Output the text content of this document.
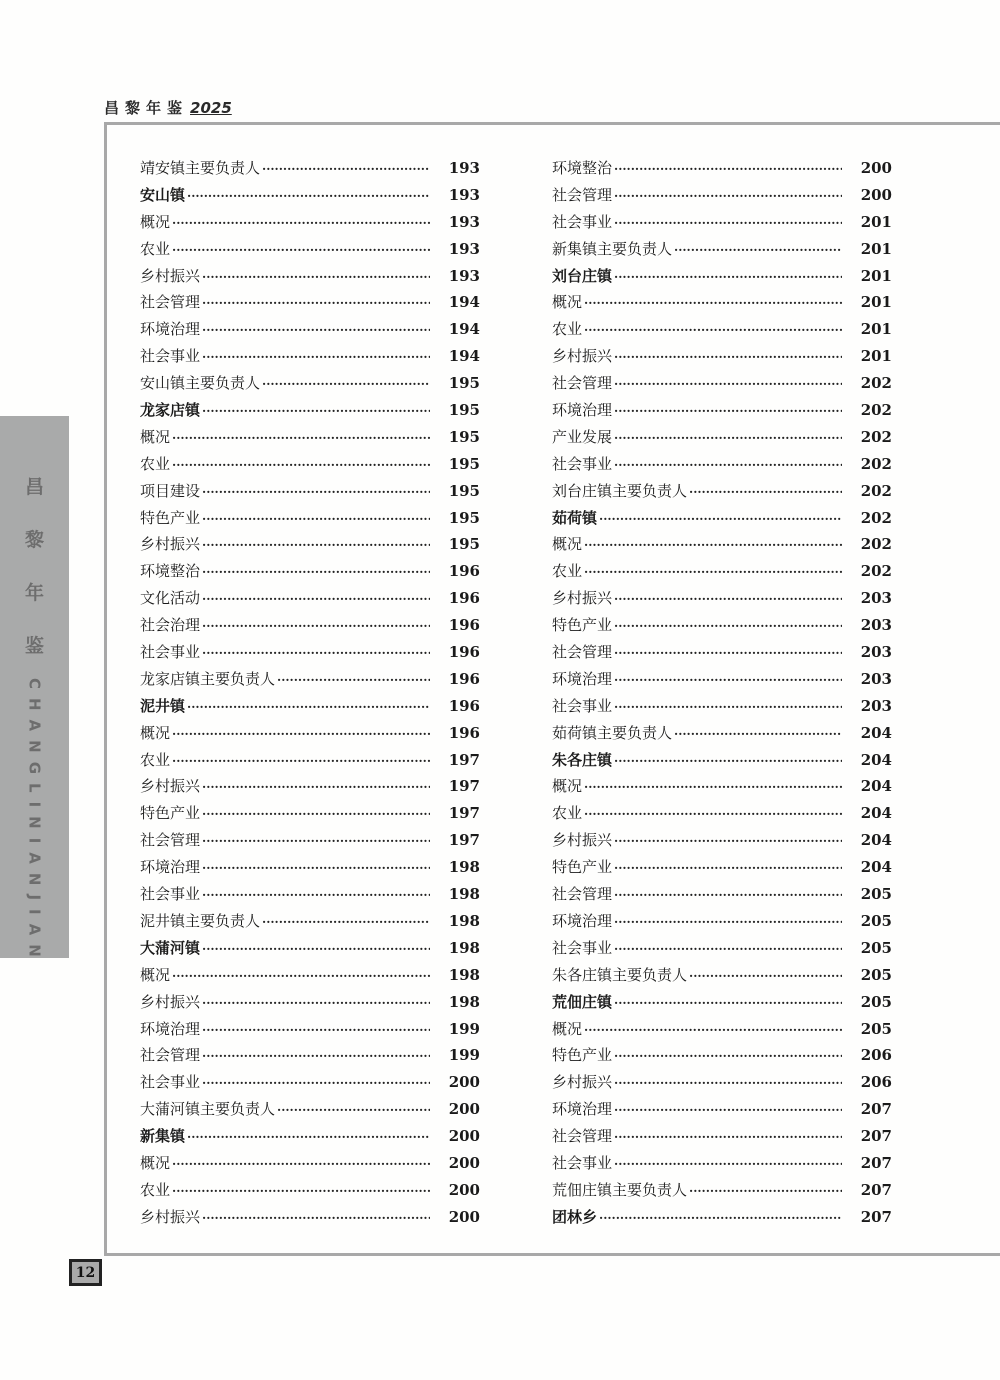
昌黎年鉴 2025
昌
黎
年
鉴
CHANGLINIANJIAN
靖安镇主要负责人 ·····	193
安山镇 ·····	193
概况 ·····	193
农业 ·····	193
乡村振兴 ·····	193
社会管理 ·····	194
环境治理 ·····	194
社会事业 ·····	194
安山镇主要负责人 ·····	195
龙家店镇 ·····	195
概况 ·····	195
农业 ·····	195
项目建设 ·····	195
特色产业 ·····	195
乡村振兴 ·····	195
环境整治 ·····	196
文化活动 ·····	196
社会治理 ·····	196
社会事业 ·····	196
龙家店镇主要负责人 ·····	196
泥井镇 ·····	196
概况 ·····	196
农业 ·····	197
乡村振兴 ·····	197
特色产业 ·····	197
社会管理 ·····	197
环境治理 ·····	198
社会事业 ·····	198
泥井镇主要负责人 ·····	198
大蒲河镇 ·····	198
概况 ·····	198
乡村振兴 ·····	198
环境治理 ·····	199
社会管理 ·····	199
社会事业 ·····	200
大蒲河镇主要负责人 ·····	200
新集镇 ·····	200
概况 ·····	200
农业 ·····	200
乡村振兴 ·····	200
环境整治 ·····	200
社会管理 ·····	200
社会事业 ·····	201
新集镇主要负责人 ·····	201
刘台庄镇 ·····	201
概况 ·····	201
农业 ·····	201
乡村振兴 ·····	201
社会管理 ·····	202
环境治理 ·····	202
产业发展 ·····	202
社会事业 ·····	202
刘台庄镇主要负责人 ·····	202
茹荷镇 ·····	202
概况 ·····	202
农业 ·····	202
乡村振兴 ·····	203
特色产业 ·····	203
社会管理 ·····	203
环境治理 ·····	203
社会事业 ·····	203
茹荷镇主要负责人 ·····	204
朱各庄镇 ·····	204
概况 ·····	204
农业 ·····	204
乡村振兴 ·····	204
特色产业 ·····	204
社会管理 ·····	205
环境治理 ·····	205
社会事业 ·····	205
朱各庄镇主要负责人 ·····	205
荒佃庄镇 ·····	205
概况 ·····	205
特色产业 ·····	206
乡村振兴 ·····	206
环境治理 ·····	207
社会管理 ·····	207
社会事业 ·····	207
荒佃庄镇主要负责人 ·····	207
团林乡 ·····	207
12
